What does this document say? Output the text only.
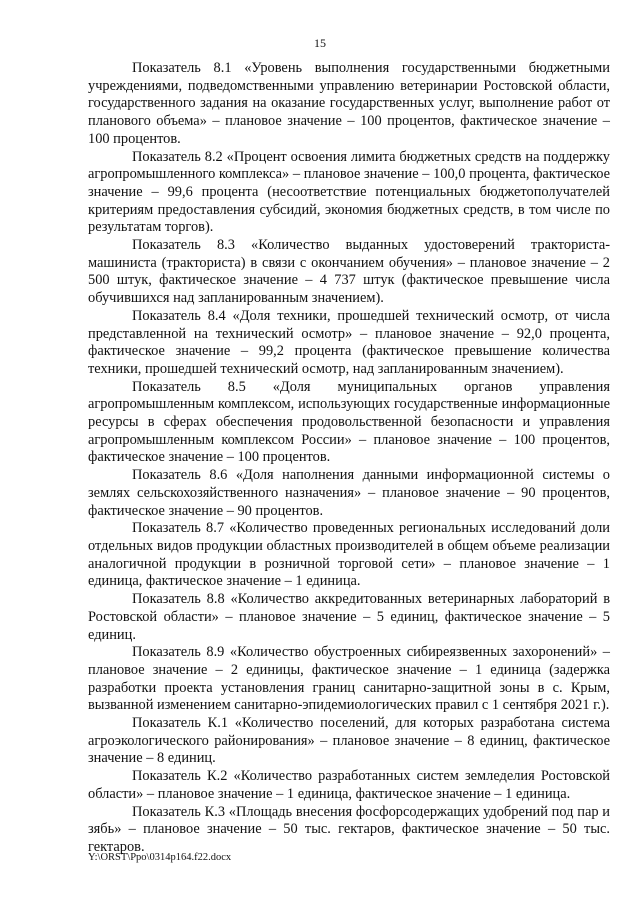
15

Показатель 8.1 «Уровень выполнения государственными бюджетными учреждениями, подведомственными управлению ветеринарии Ростовской области, государственного задания на оказание государственных услуг, выполнение работ от планового объема» – плановое значение – 100 процентов, фактическое значение – 100 процентов.

Показатель 8.2 «Процент освоения лимита бюджетных средств на поддержку агропромышленного комплекса» – плановое значение – 100,0 процента, фактическое значение – 99,6 процента (несоответствие потенциальных бюджетополучателей критериям предоставления субсидий, экономия бюджетных средств, в том числе по результатам торгов).

Показатель 8.3 «Количество выданных удостоверений тракториста-машиниста (тракториста) в связи с окончанием обучения» – плановое значение – 2 500 штук, фактическое значение – 4 737 штук (фактическое превышение числа обучившихся над запланированным значением).

Показатель 8.4 «Доля техники, прошедшей технический осмотр, от числа представленной на технический осмотр» – плановое значение – 92,0 процента, фактическое значение – 99,2 процента (фактическое превышение количества техники, прошедшей технический осмотр, над запланированным значением).

Показатель 8.5 «Доля муниципальных органов управления агропромышленным комплексом, использующих государственные информационные ресурсы в сферах обеспечения продовольственной безопасности и управления агропромышленным комплексом России» – плановое значение – 100 процентов, фактическое значение – 100 процентов.

Показатель 8.6 «Доля наполнения данными информационной системы о землях сельскохозяйственного назначения» – плановое значение – 90 процентов, фактическое значение – 90 процентов.

Показатель 8.7 «Количество проведенных региональных исследований доли отдельных видов продукции областных производителей в общем объеме реализации аналогичной продукции в розничной торговой сети» – плановое значение – 1 единица, фактическое значение – 1 единица.

Показатель 8.8 «Количество аккредитованных ветеринарных лабораторий в Ростовской области» – плановое значение – 5 единиц, фактическое значение – 5 единиц.

Показатель 8.9 «Количество обустроенных сибиреязвенных захоронений» – плановое значение – 2 единицы, фактическое значение – 1 единица (задержка разработки проекта установления границ санитарно-защитной зоны в с. Крым, вызванной изменением санитарно-эпидемиологических правил с 1 сентября 2021 г.).

Показатель К.1 «Количество поселений, для которых разработана система агроэкологического районирования» – плановое значение – 8 единиц, фактическое значение – 8 единиц.

Показатель К.2 «Количество разработанных систем земледелия Ростовской области» – плановое значение – 1 единица, фактическое значение – 1 единица.

Показатель К.3 «Площадь внесения фосфорсодержащих удобрений под пар и зябь» – плановое значение – 50 тыс. гектаров, фактическое значение – 50 тыс. гектаров.

Y:\ORST\Ppo\0314p164.f22.docx
